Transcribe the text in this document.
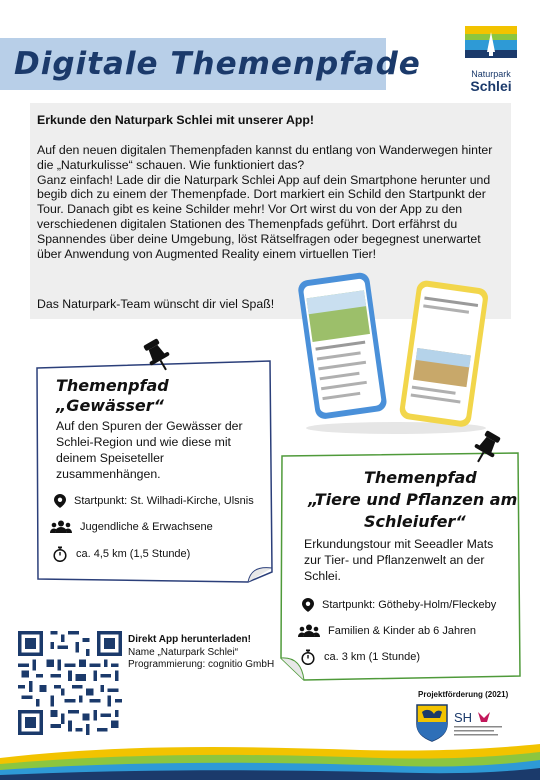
Digitale Themenpfade	Naturpark
Schlei
Erkunde den Naturpark Schlei mit unserer App!
Auf den neuen digitalen Themenpfaden kannst du entlang von Wanderwegen hinter die „Naturkulisse“ schauen. Wie funktioniert das?
Ganz einfach! Lade dir die Naturpark Schlei App auf dein Smartphone herunter und begib dich zu einem der Themenpfade. Dort markiert ein Schild den Startpunkt der Tour. Danach gibt es keine Schilder mehr! Vor Ort wirst du von der App zu den verschiedenen digitalen Stationen des Themenpfads geführt. Dort erfährst du Spannendes über deine Umgebung, löst Rätselfragen oder begegnest unerwartet über Anwendung von Augmented Reality einem virtuellen Tier!
Das Naturpark-Team wünscht dir viel Spaß!
Themenpfad
„Gewässer“
Auf den Spuren der Gewässer der Schlei-Region und wie diese mit deinem Speiseteller zusammenhängen.
Startpunkt: St. Wilhadi-Kirche, Ulsnis
Jugendliche & Erwachsene
ca. 4,5 km (1,5 Stunde)
Themenpfad
„Tiere und Pflanzen am
Schleiufer“
Erkundungstour mit Seeadler Mats zur Tier- und Pflanzenwelt an der Schlei.
Startpunkt: Götheby-Holm/Fleckeby
Familien & Kinder ab 6 Jahren
ca. 3 km (1 Stunde)
Direkt App herunterladen!
Name „Naturpark Schlei“
Programmierung: cognitio GmbH
Projektförderung (2021)
SH
